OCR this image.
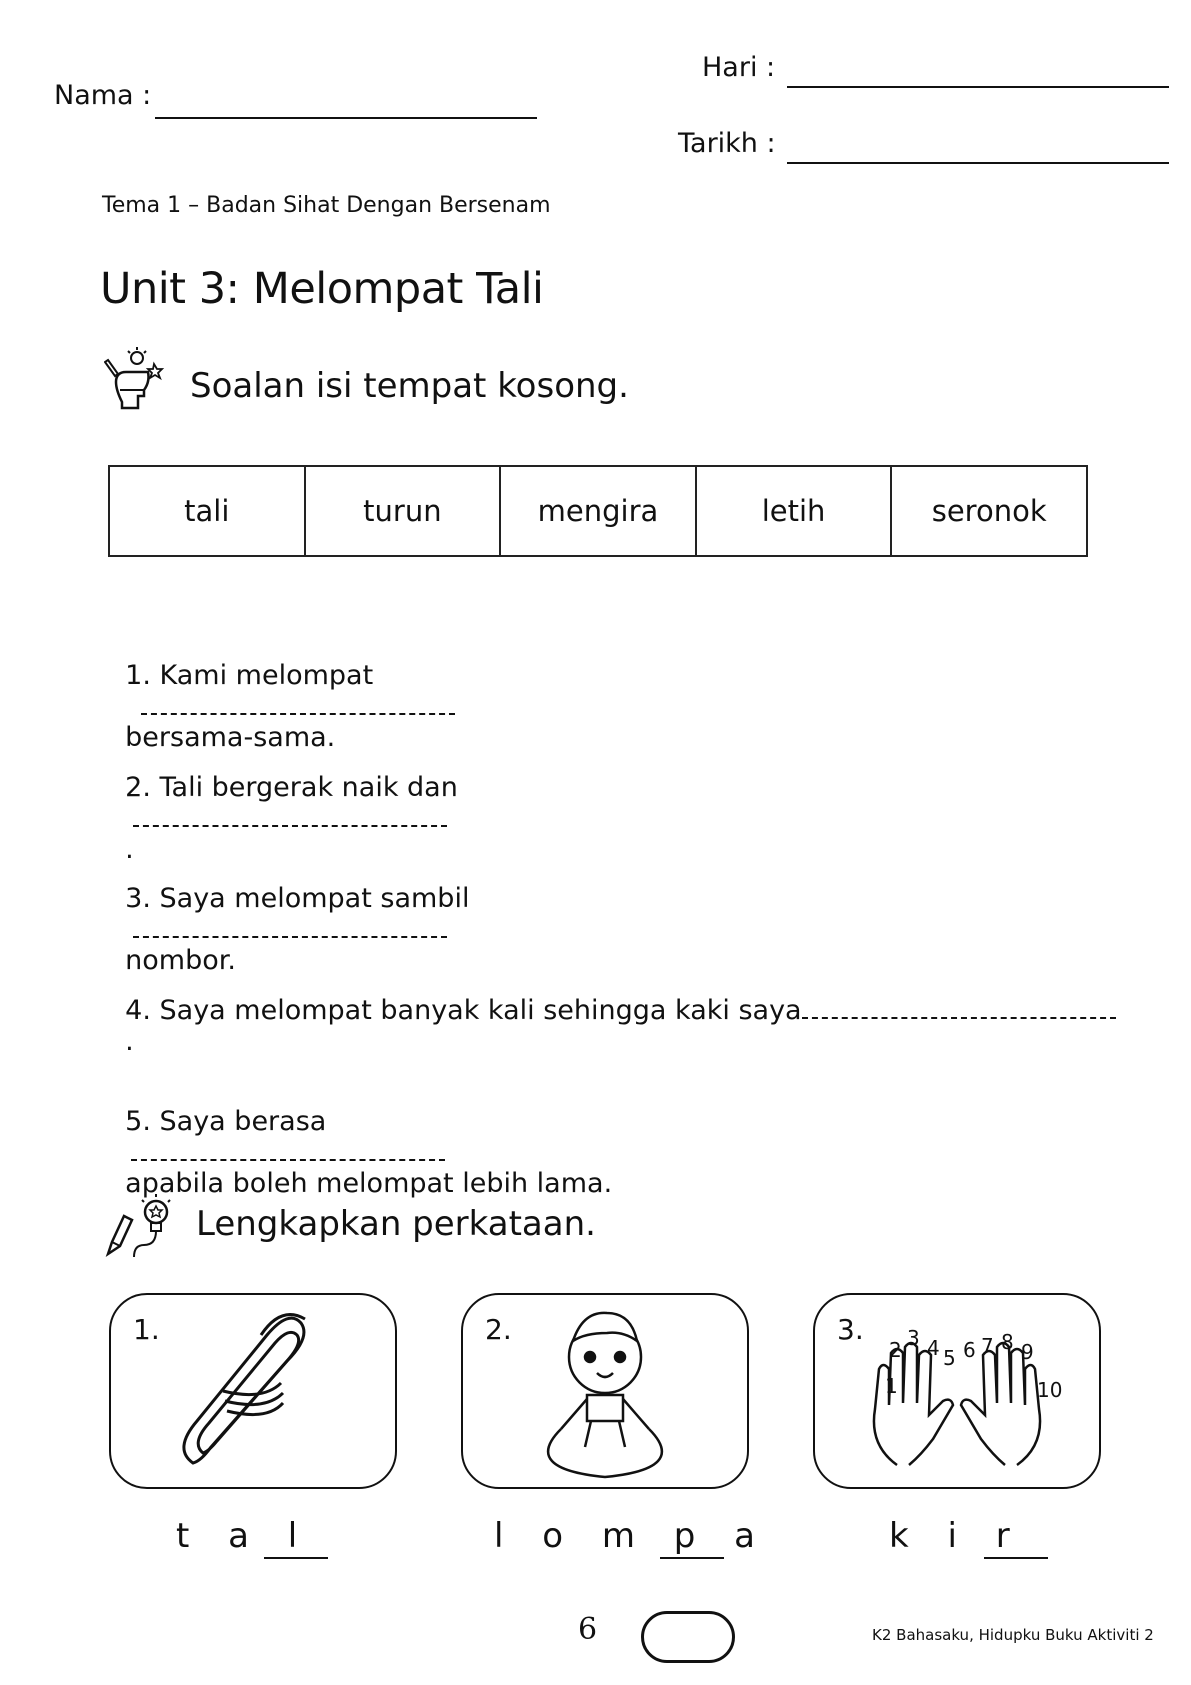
Nama :
Hari :
Tarikh :
Tema 1 – Badan Sihat Dengan Bersenam
Unit 3: Melompat Tali
Soalan isi tempat kosong.
tali	turun	mengira	letih	seronok

1. Kami melompat

bersama-sama.

2. Tali bergerak naik dan

.

3. Saya melompat sambil

nombor.

4. Saya melompat banyak kali sehingga kaki saya
.

5. Saya berasa

apabila boleh melompat lebih lama.

Lengkapkan perkataan.
1.
t a l
2.
l o m p a
3.
1
2 3 4 5 6 7 8 9
10
k i r
6	K2 Bahasaku, Hidupku Buku Aktiviti 2
